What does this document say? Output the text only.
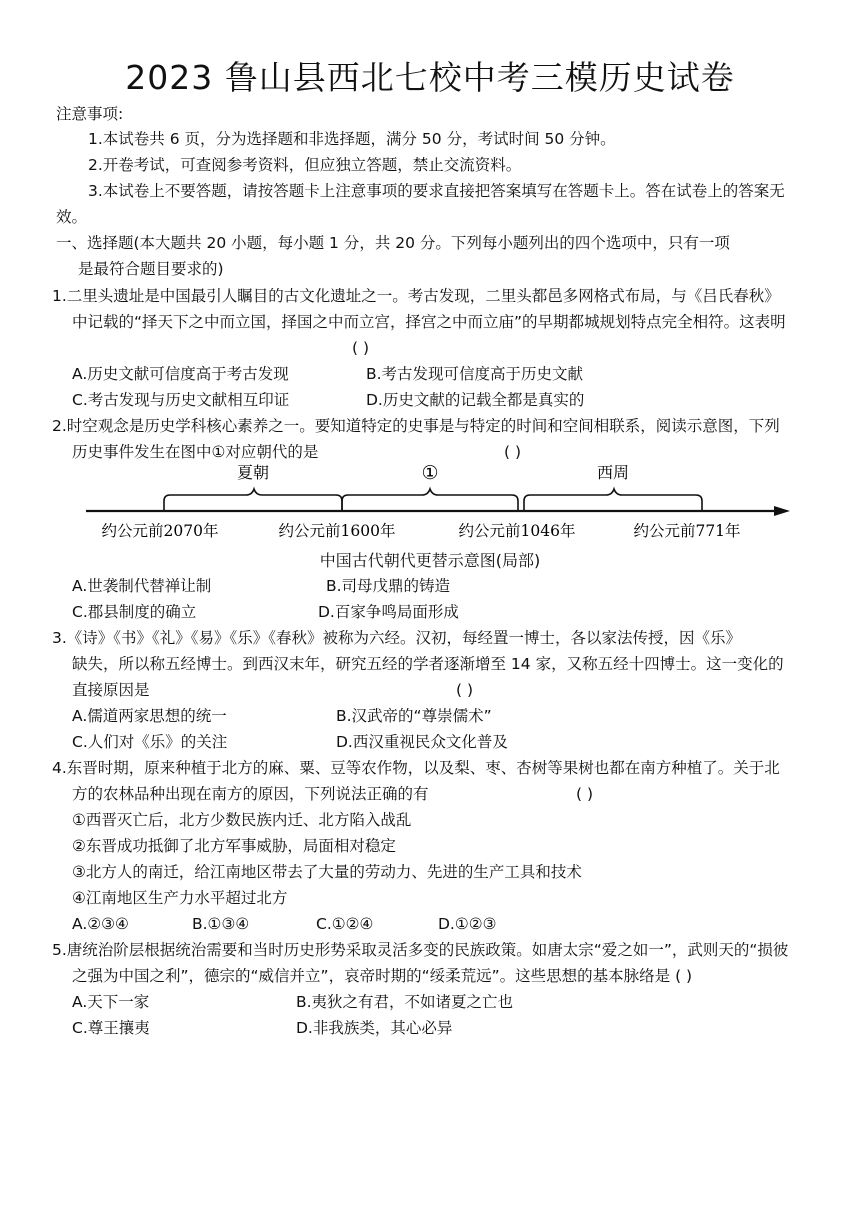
2023 鲁山县西北七校中考三模历史试卷
注意事项:
1.本试卷共 6 页，分为选择题和非选择题，满分 50 分，考试时间 50 分钟。
2.开卷考试，可查阅参考资料，但应独立答题，禁止交流资料。
3.本试卷上不要答题，请按答题卡上注意事项的要求直接把答案填写在答题卡上。答在试卷上的答案无
效。
一、选择题(本大题共 20 小题，每小题 1 分，共 20 分。下列每小题列出的四个选项中，只有一项
是最符合题目要求的)
1.二里头遗址是中国最引人瞩目的古文化遗址之一。考古发现，二里头都邑多网格式布局，与《吕氏春秋》
中记载的“择天下之中而立国，择国之中而立宫，择宫之中而立庙”的早期都城规划特点完全相符。这表明
( )
A.历史文献可信度高于考古发现	B.考古发现可信度高于历史文献
C.考古发现与历史文献相互印证	D.历史文献的记载全都是真实的
2.时空观念是历史学科核心素养之一。要知道特定的史事是与特定的时间和空间相联系，阅读示意图，下列
历史事件发生在图中①对应朝代的是	( )
夏朝	①	西周
约公元前2070年	约公元前1600年	约公元前1046年	约公元前771年
中国古代朝代更替示意图(局部)
A.世袭制代替禅让制	B.司母戊鼎的铸造
C.郡县制度的确立	D.百家争鸣局面形成
3.《诗》《书》《礼》《易》《乐》《春秋》被称为六经。汉初，每经置一博士，各以家法传授，因《乐》
缺失，所以称五经博士。到西汉末年，研究五经的学者逐渐增至 14 家，又称五经十四博士。这一变化的
直接原因是	( )
A.儒道两家思想的统一	B.汉武帝的“尊崇儒术”
C.人们对《乐》的关注	D.西汉重视民众文化普及
4.东晋时期，原来种植于北方的麻、粟、豆等农作物，以及梨、枣、杏树等果树也都在南方种植了。关于北
方的农林品种出现在南方的原因，下列说法正确的有	( )
①西晋灭亡后，北方少数民族内迁、北方陷入战乱
②东晋成功抵御了北方军事威胁，局面相对稳定
③北方人的南迁，给江南地区带去了大量的劳动力、先进的生产工具和技术
④江南地区生产力水平超过北方
A.②③④	B.①③④	C.①②④	D.①②③
5.唐统治阶层根据统治需要和当时历史形势采取灵活多变的民族政策。如唐太宗“爱之如一”，武则天的“损彼
之强为中国之利”，德宗的“威信并立”，哀帝时期的“绥柔荒远”。这些思想的基本脉络是 ( )
A.天下一家	B.夷狄之有君，不如诸夏之亡也
C.尊王攘夷	D.非我族类，其心必异
